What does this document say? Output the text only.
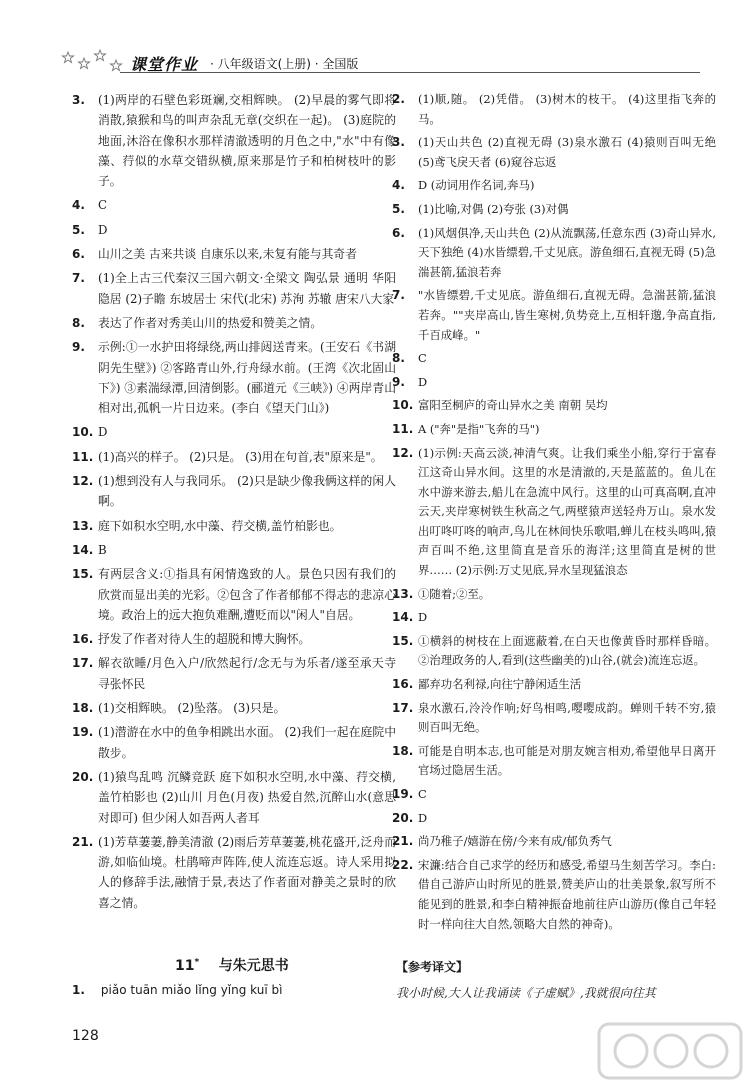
课堂作业 · 八年级语文(上册) · 全国版
3. (1)两岸的石壁色彩斑斓,交相辉映。 (2)早晨的雾气即将消散,猿猴和鸟的叫声杂乱无章(交织在一起)。 (3)庭院的地面,沐浴在像积水那样清澈透明的月色之中,"水"中有像藻、荇似的水草交错纵横,原来那是竹子和柏树枝叶的影子。
4. C
5. D
6. 山川之美 古来共谈 自康乐以来,未复有能与其奇者
7. (1)全上古三代秦汉三国六朝文·全梁文 陶弘景 通明 华阳隐居 (2)子瞻 东坡居士 宋代(北宋) 苏洵 苏辙 唐宋八大家
8. 表达了作者对秀美山川的热爱和赞美之情。
9. 示例:①一水护田将绿绕,两山排闼送青来。(王安石《书湖阴先生壁》) ②客路青山外,行舟绿水前。(王湾《次北固山下》) ③素湍绿潭,回清倒影。(郦道元《三峡》) ④两岸青山相对出,孤帆一片日边来。(李白《望天门山》)
10. D
11. (1)高兴的样子。 (2)只是。 (3)用在句首,表"原来是"。
12. (1)想到没有人与我同乐。 (2)只是缺少像我俩这样的闲人啊。
13. 庭下如积水空明,水中藻、荇交横,盖竹柏影也。
14. B
15. 有两层含义:①指具有闲情逸致的人。景色只因有我们的欣赏而显出美的光彩。②包含了作者郁郁不得志的悲凉心境。政治上的远大抱负难酬,遭贬而以"闲人"自居。
16. 抒发了作者对待人生的超脱和博大胸怀。
17. 解衣欲睡/月色入户/欣然起行/念无与为乐者/遂至承天寺寻张怀民
18. (1)交相辉映。 (2)坠落。 (3)只是。
19. (1)潜游在水中的鱼争相跳出水面。 (2)我们一起在庭院中散步。
20. (1)猿鸟乱鸣 沉鳞竞跃 庭下如积水空明,水中藻、荇交横,盖竹柏影也 (2)山川 月色(月夜) 热爱自然,沉醉山水(意思对即可) 但少闲人如吾两人者耳
21. (1)芳草萋萋,静美清澈 (2)雨后芳草萋萋,桃花盛开,泛舟而游,如临仙境。杜鹃啼声阵阵,使人流连忘返。诗人采用拟人的修辞手法,融情于景,表达了作者面对静美之景时的欣喜之情。
2. (1)顺,随。 (2)凭借。 (3)树木的枝干。 (4)这里指飞奔的马。
3. (1)天山共色 (2)直视无碍 (3)泉水激石 (4)猿则百叫无绝 (5)鸢飞戾天者 (6)窥谷忘返
4. D (动词用作名词,奔马)
5. (1)比喻,对偶 (2)夸张 (3)对偶
6. (1)风烟俱净,天山共色 (2)从流飘荡,任意东西 (3)奇山异水,天下独绝 (4)水皆缥碧,千丈见底。游鱼细石,直视无碍 (5)急湍甚箭,猛浪若奔
7. "水皆缥碧,千丈见底。游鱼细石,直视无碍。急湍甚箭,猛浪若奔。""夹岸高山,皆生寒树,负势竞上,互相轩邈,争高直指,千百成峰。"
8. C
9. D
10. 富阳至桐庐的奇山异水之美 南朝 吴均
11. A ("奔"是指"飞奔的马")
12. (1)示例:天高云淡,神清气爽。让我们乘坐小船,穿行于富春江这奇山异水间。这里的水是清澈的,天是蓝蓝的。鱼儿在水中游来游去,船儿在急流中风行。这里的山可真高啊,直冲云天,夹岸寒树铁生秋高之气,两壁猿声送轻舟万山。泉水发出叮咚叮咚的响声,鸟儿在林间快乐歌唱,蝉儿在枝头鸣叫,猿声百叫不绝,这里简直是音乐的海洋;这里简直是树的世界…… (2)示例:万丈见底,异水呈现猛浪态
13. ①随着;②至。
14. D
15. ①横斜的树枝在上面遮蔽着,在白天也像黄昏时那样昏暗。②治理政务的人,看到(这些幽美的)山谷,(就会)流连忘返。
16. 鄙弃功名利禄,向往宁静闲适生活
17. 泉水激石,泠泠作响;好鸟相鸣,嘤嘤成韵。蝉则千转不穷,猿则百叫无绝。
18. 可能是自明本志,也可能是对朋友婉言相劝,希望他早日离开官场过隐居生活。
19. C
20. D
21. 尚乃稚子/嬉游在傍/今来有成/郁负秀气
22. 宋濂:结合自己求学的经历和感受,希望马生刻苦学习。李白:借自己游庐山时所见的胜景,赞美庐山的壮美景象,叙写所不能见到的胜景,和李白精神振奋地前往庐山游历(像自己年轻时一样向往大自然,领略大自然的神奇)。
11* 与朱元思书
1. piǎo tuān miǎo lǐng yǐng kuī bì
【参考译文】
我小时候,大人让我诵读《子虚赋》,我就很向往其
128
